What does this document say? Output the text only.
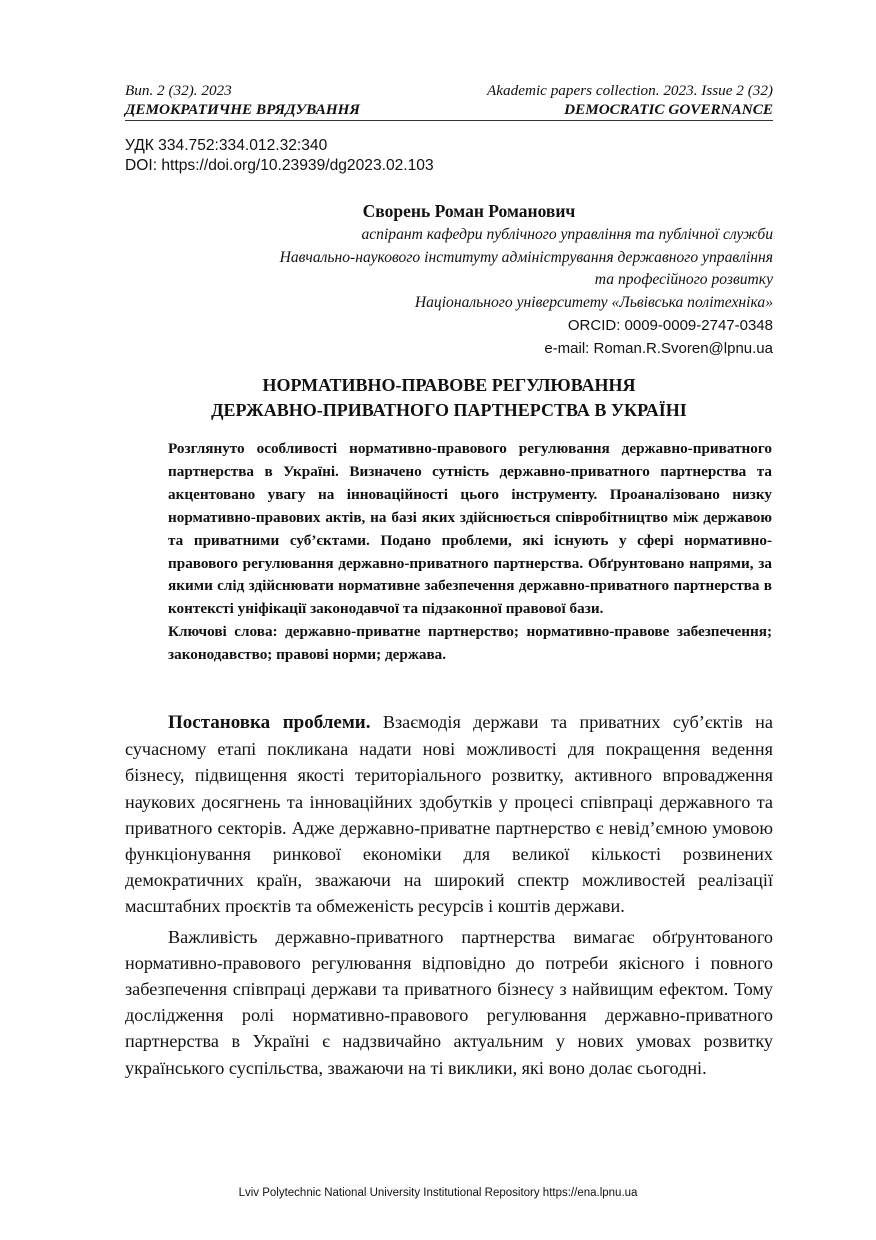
Вип. 2 (32). 2023	Akademic papers collection. 2023. Issue 2 (32)
ДЕМОКРАТИЧНЕ ВРЯДУВАННЯ	DEMOCRATIC GOVERNANCE
УДК 334.752:334.012.32:340
DOI: https://doi.org/10.23939/dg2023.02.103
Сворень Роман Романович
аспірант кафедри публічного управління та публічної служби
Навчально-наукового інституту адміністрування державного управління
та професійного розвитку
Національного університету «Львівська політехніка»
ORCID: 0009-0009-2747-0348
e-mail: Roman.R.Svoren@lpnu.ua
НОРМАТИВНО-ПРАВОВЕ РЕГУЛЮВАННЯ
ДЕРЖАВНО-ПРИВАТНОГО ПАРТНЕРСТВА В УКРАЇНІ

Розглянуто особливості нормативно-правового регулювання державно-приватного партнерства в Україні. Визначено сутність державно-приватного партнерства та акцентовано увагу на інноваційності цього інструменту. Проаналізовано низку нормативно-правових актів, на базі яких здійснюється співробітництво між державою та приватними суб’єктами. Подано проблеми, які існують у сфері нормативно-правового регулювання державно-приватного партнерства. Обґрунтовано напрями, за якими слід здійснювати нормативне забезпечення державно-приватного партнерства в контексті уніфікації законодавчої та підзаконної правової бази.

Ключові слова: державно-приватне партнерство; нормативно-правове забезпечення; законодавство; правові норми; держава.

Постановка проблеми. Взаємодія держави та приватних суб’єктів на сучасному етапі покликана надати нові можливості для покращення ведення бізнесу, підвищення якості територіального розвитку, активного впровадження наукових досягнень та інноваційних здобутків у процесі співпраці державного та приватного секторів. Адже державно-приватне партнерство є невід’ємною умовою функціонування ринкової економіки для великої кількості розвинених демократичних країн, зважаючи на широкий спектр можливостей реалізації масштабних проєктів та обмеженість ресурсів і коштів держави.

Важливість державно-приватного партнерства вимагає обґрунтованого нормативно-правового регулювання відповідно до потреби якісного і повного забезпечення співпраці держави та приватного бізнесу з найвищим ефектом. Тому дослідження ролі нормативно-правового регулювання державно-приватного партнерства в Україні є надзвичайно актуальним у нових умовах розвитку українського суспільства, зважаючи на ті виклики, які воно долає сьогодні.

Lviv Polytechnic National University Institutional Repository https://ena.lpnu.ua
